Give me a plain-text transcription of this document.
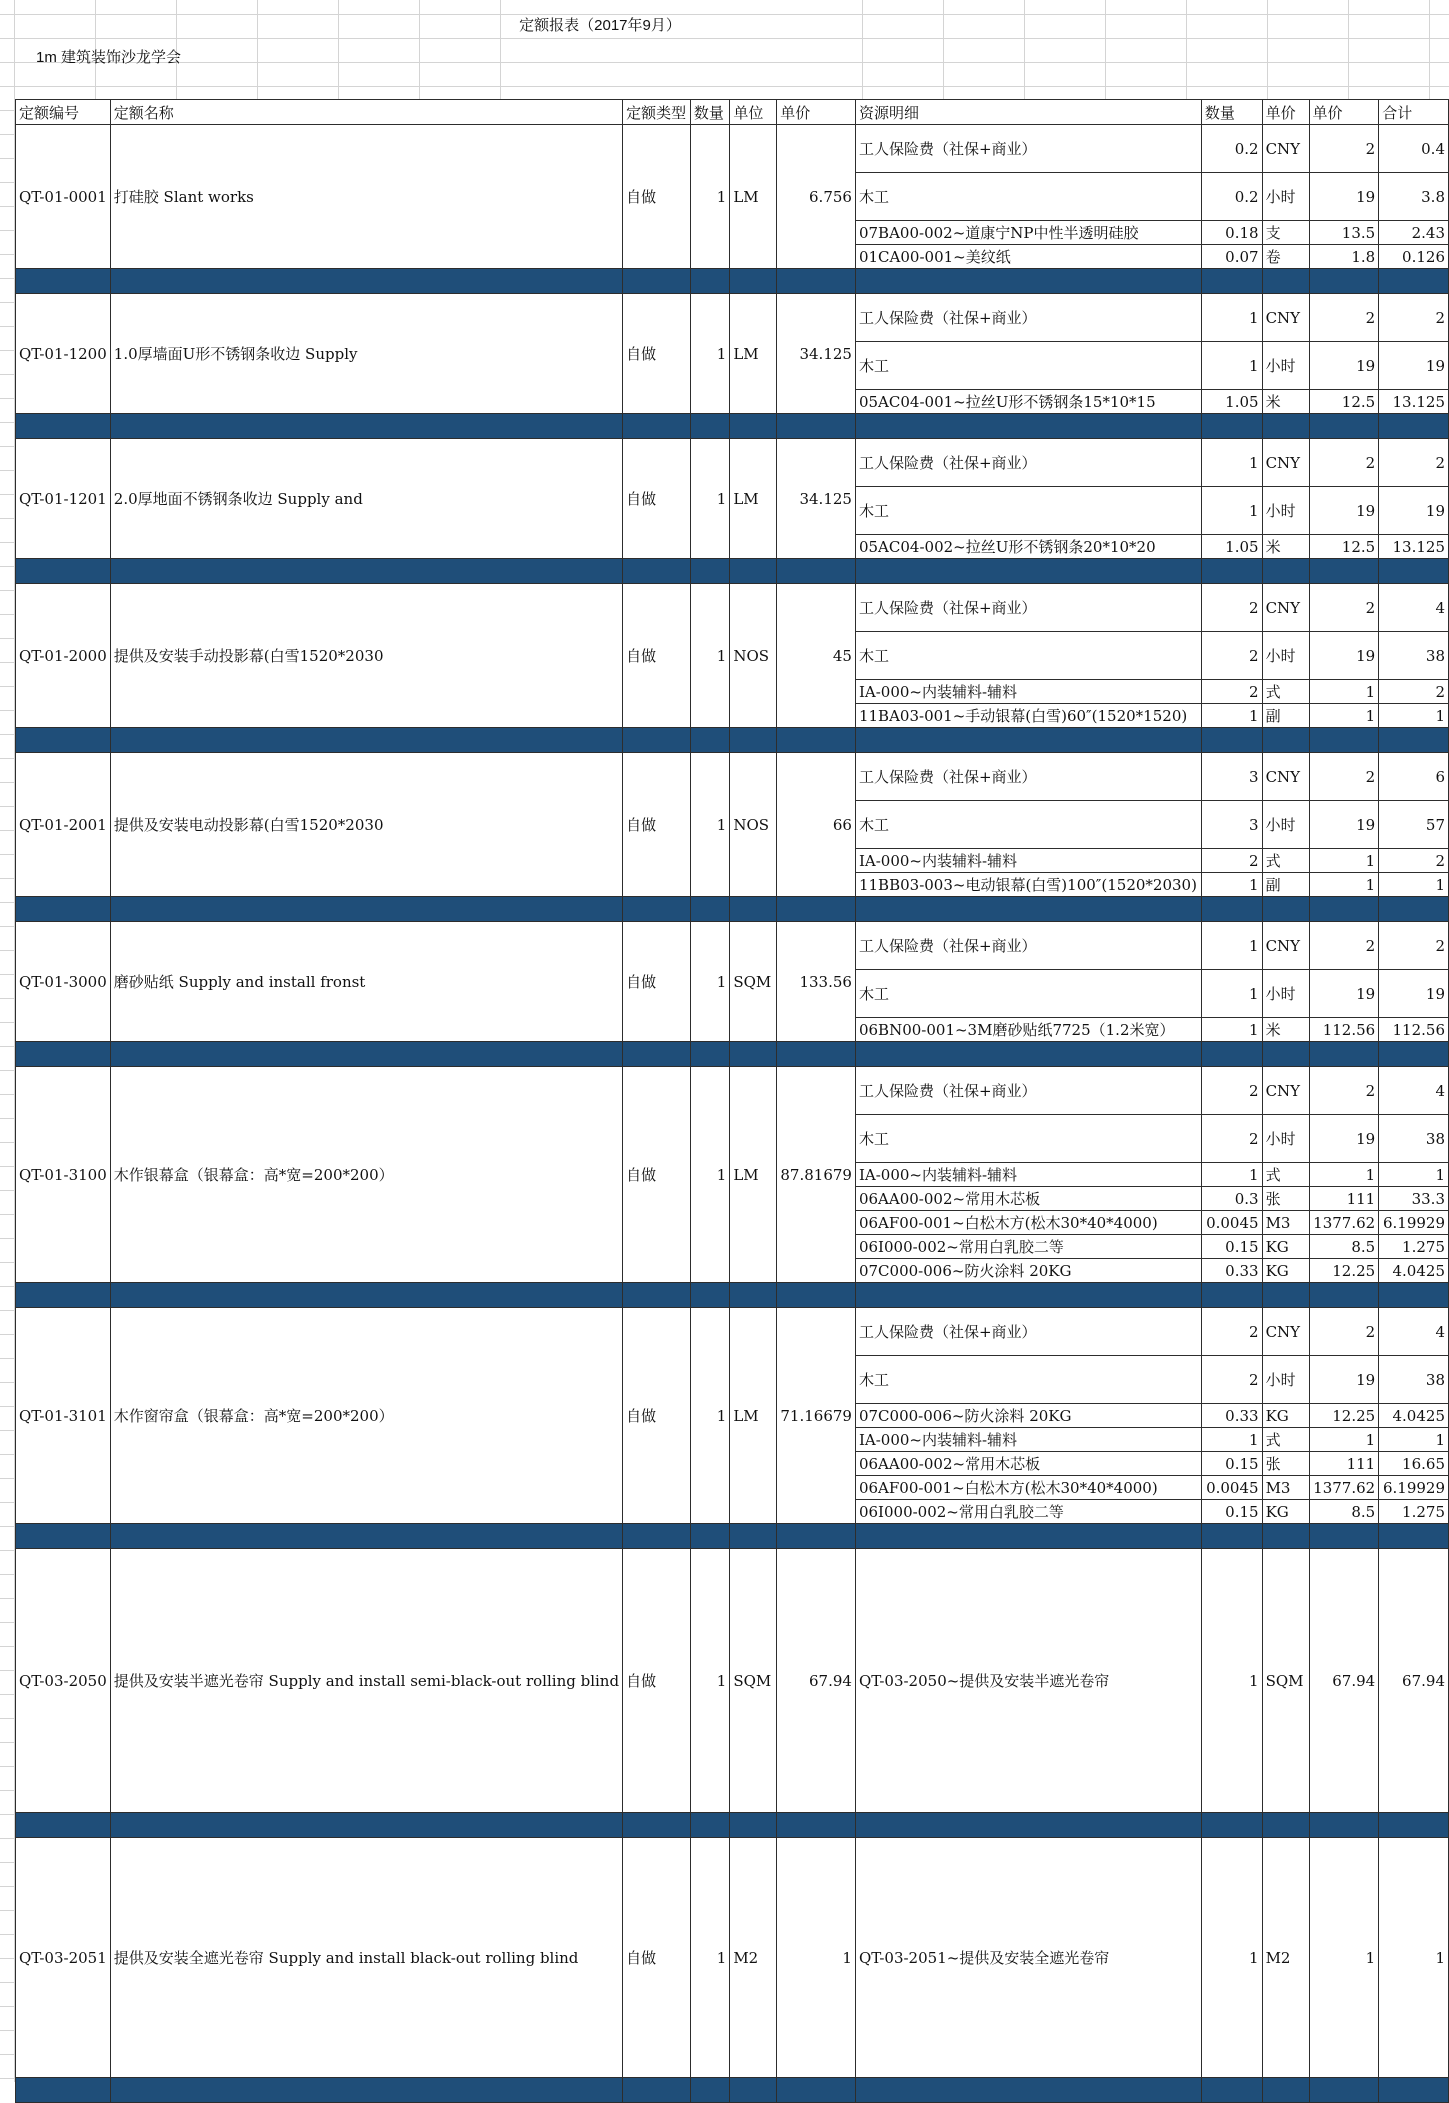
定额报表（2017年9月）
1m 建筑装饰沙龙学会
定额编号	定额名称	定额类型	数量	单位	单价	资源明细	数量	单价	单价	合计
QT-01-0001	打硅胶 Slant works	自做	1	LM	6.756	工人保险费（社保+商业）	0.2	CNY	2	0.4
						木工	0.2	小时	19	3.8
						07BA00-002~道康宁NP中性半透明硅胶	0.18	支	13.5	2.43
						01CA00-001~美纹纸	0.07	卷	1.8	0.126

QT-01-1200	1.0厚墙面U形不锈钢条收边 Supply	自做	1	LM	34.125	工人保险费（社保+商业）	1	CNY	2	2
						木工	1	小时	19	19
						05AC04-001~拉丝U形不锈钢条15*10*15	1.05	米	12.5	13.125

QT-01-1201	2.0厚地面不锈钢条收边 Supply and	自做	1	LM	34.125	工人保险费（社保+商业）	1	CNY	2	2
						木工	1	小时	19	19
						05AC04-002~拉丝U形不锈钢条20*10*20	1.05	米	12.5	13.125

QT-01-2000	提供及安装手动投影幕(白雪1520*2030	自做	1	NOS	45	工人保险费（社保+商业）	2	CNY	2	4
						木工	2	小时	19	38
						IA-000~内装辅料-辅料	2	式	1	2
						11BA03-001~手动银幕(白雪)60″(1520*1520)	1	副	1	1

QT-01-2001	提供及安装电动投影幕(白雪1520*2030	自做	1	NOS	66	工人保险费（社保+商业）	3	CNY	2	6
						木工	3	小时	19	57
						IA-000~内装辅料-辅料	2	式	1	2
						11BB03-003~电动银幕(白雪)100″(1520*2030)	1	副	1	1

QT-01-3000	磨砂贴纸 Supply and install fronst	自做	1	SQM	133.56	工人保险费（社保+商业）	1	CNY	2	2
						木工	1	小时	19	19
						06BN00-001~3M磨砂贴纸7725（1.2米宽）	1	米	112.56	112.56

QT-01-3100	木作银幕盒（银幕盒：高*宽=200*200）	自做	1	LM	87.81679	工人保险费（社保+商业）	2	CNY	2	4
						木工	2	小时	19	38
						IA-000~内装辅料-辅料	1	式	1	1
						06AA00-002~常用木芯板	0.3	张	111	33.3
						06AF00-001~白松木方(松木30*40*4000)	0.0045	M3	1377.62	6.19929
						06I000-002~常用白乳胶二等	0.15	KG	8.5	1.275
						07C000-006~防火涂料 20KG	0.33	KG	12.25	4.0425

QT-01-3101	木作窗帘盒（银幕盒：高*宽=200*200）	自做	1	LM	71.16679	工人保险费（社保+商业）	2	CNY	2	4
						木工	2	小时	19	38
						07C000-006~防火涂料 20KG	0.33	KG	12.25	4.0425
						IA-000~内装辅料-辅料	1	式	1	1
						06AA00-002~常用木芯板	0.15	张	111	16.65
						06AF00-001~白松木方(松木30*40*4000)	0.0045	M3	1377.62	6.19929
						06I000-002~常用白乳胶二等	0.15	KG	8.5	1.275

QT-03-2050	提供及安装半遮光卷帘 Supply and install semi-black-out rolling blind	自做	1	SQM	67.94	QT-03-2050~提供及安装半遮光卷帘	1	SQM	67.94	67.94

QT-03-2051	提供及安装全遮光卷帘 Supply and install black-out rolling blind	自做	1	M2	1	QT-03-2051~提供及安装全遮光卷帘	1	M2	1	1
